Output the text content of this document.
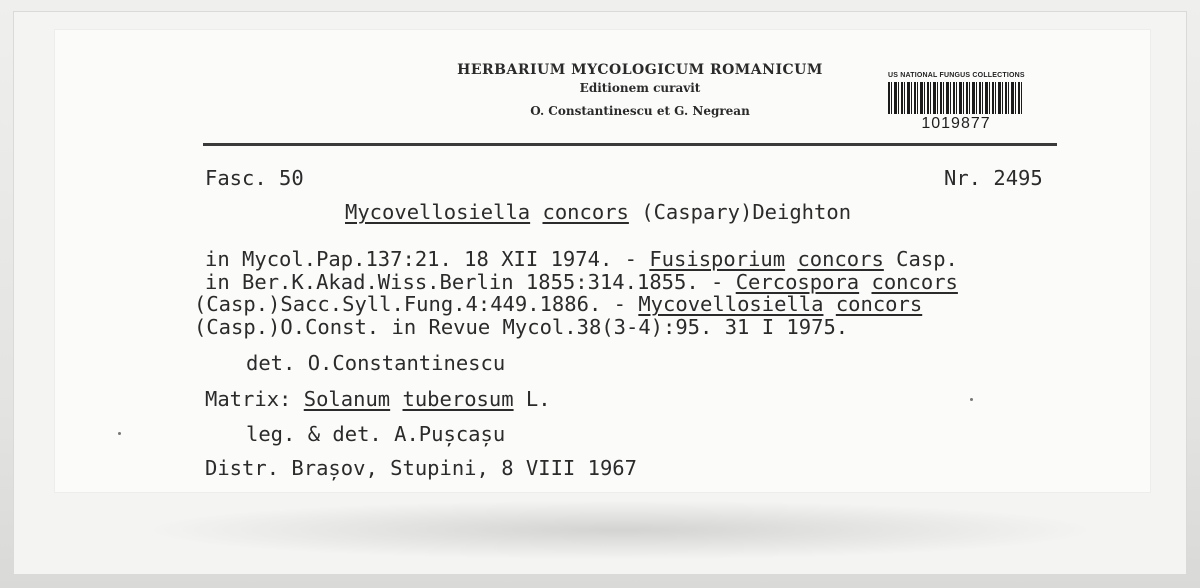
HERBARIUM MYCOLOGICUM ROMANICUM
Editionem curavit
O. Constantinescu et G. Negrean
US NATIONAL FUNGUS COLLECTIONS
1019877
Fasc. 50	Nr. 2495
Mycovellosiella concors (Caspary)Deighton
in Mycol.Pap.137:21. 18 XII 1974. - Fusisporium concors Casp.
in Ber.K.Akad.Wiss.Berlin 1855:314.1855. - Cercospora concors
(Casp.)Sacc.Syll.Fung.4:449.1886. - Mycovellosiella concors
(Casp.)O.Const. in Revue Mycol.38(3-4):95. 31 I 1975.
det. O.Constantinescu
Matrix: Solanum tuberosum L.
leg. & det. A.Pușcașu
Distr. Brașov, Stupini, 8 VIII 1967
